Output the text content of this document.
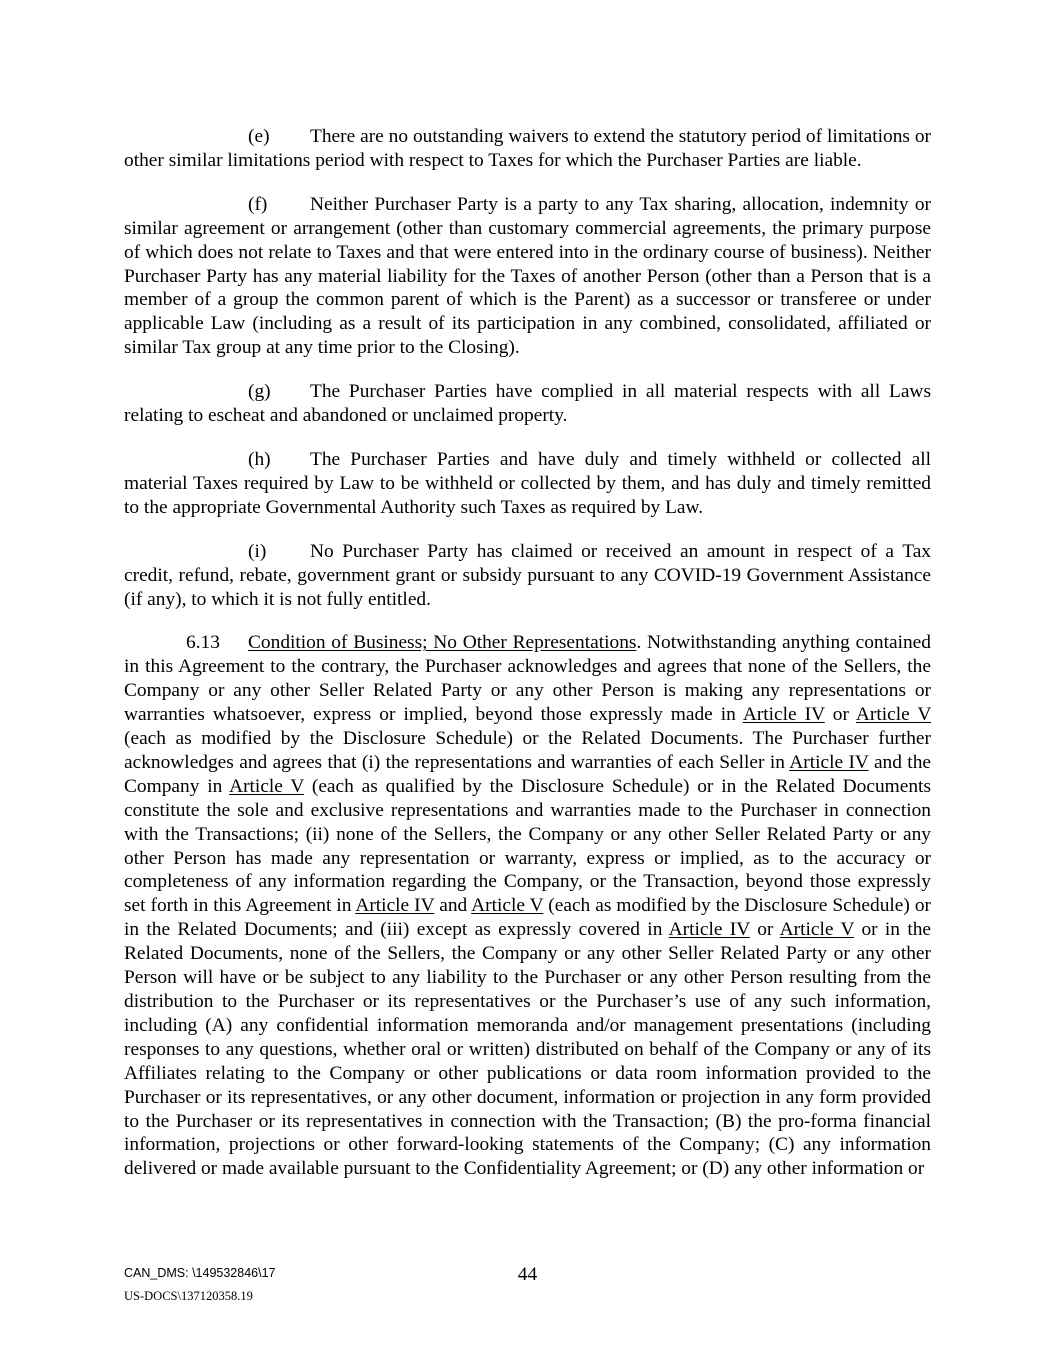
(e) There are no outstanding waivers to extend the statutory period of limitations or other similar limitations period with respect to Taxes for which the Purchaser Parties are liable.

(f) Neither Purchaser Party is a party to any Tax sharing, allocation, indemnity or similar agreement or arrangement (other than customary commercial agreements, the primary purpose of which does not relate to Taxes and that were entered into in the ordinary course of business). Neither Purchaser Party has any material liability for the Taxes of another Person (other than a Person that is a member of a group the common parent of which is the Parent) as a successor or transferee or under applicable Law (including as a result of its participation in any combined, consolidated, affiliated or similar Tax group at any time prior to the Closing).

(g) The Purchaser Parties have complied in all material respects with all Laws relating to escheat and abandoned or unclaimed property.

(h) The Purchaser Parties and have duly and timely withheld or collected all material Taxes required by Law to be withheld or collected by them, and has duly and timely remitted to the appropriate Governmental Authority such Taxes as required by Law.

(i) No Purchaser Party has claimed or received an amount in respect of a Tax credit, refund, rebate, government grant or subsidy pursuant to any COVID-19 Government Assistance (if any), to which it is not fully entitled.

6.13 Condition of Business; No Other Representations. Notwithstanding anything contained in this Agreement to the contrary, the Purchaser acknowledges and agrees that none of the Sellers, the Company or any other Seller Related Party or any other Person is making any representations or warranties whatsoever, express or implied, beyond those expressly made in Article IV or Article V (each as modified by the Disclosure Schedule) or the Related Documents. The Purchaser further acknowledges and agrees that (i) the representations and warranties of each Seller in Article IV and the Company in Article V (each as qualified by the Disclosure Schedule) or in the Related Documents constitute the sole and exclusive representations and warranties made to the Purchaser in connection with the Transactions; (ii) none of the Sellers, the Company or any other Seller Related Party or any other Person has made any representation or warranty, express or implied, as to the accuracy or completeness of any information regarding the Company, or the Transaction, beyond those expressly set forth in this Agreement in Article IV and Article V (each as modified by the Disclosure Schedule) or in the Related Documents; and (iii) except as expressly covered in Article IV or Article V or in the Related Documents, none of the Sellers, the Company or any other Seller Related Party or any other Person will have or be subject to any liability to the Purchaser or any other Person resulting from the distribution to the Purchaser or its representatives or the Purchaser’s use of any such information, including (A) any confidential information memoranda and/or management presentations (including responses to any questions, whether oral or written) distributed on behalf of the Company or any of its Affiliates relating to the Company or other publications or data room information provided to the Purchaser or its representatives, or any other document, information or projection in any form provided to the Purchaser or its representatives in connection with the Transaction; (B) the pro-forma financial information, projections or other forward-looking statements of the Company; (C) any information delivered or made available pursuant to the Confidentiality Agreement; or (D) any other information or

CAN_DMS: \149532846\17	44
US-DOCS\137120358.19
